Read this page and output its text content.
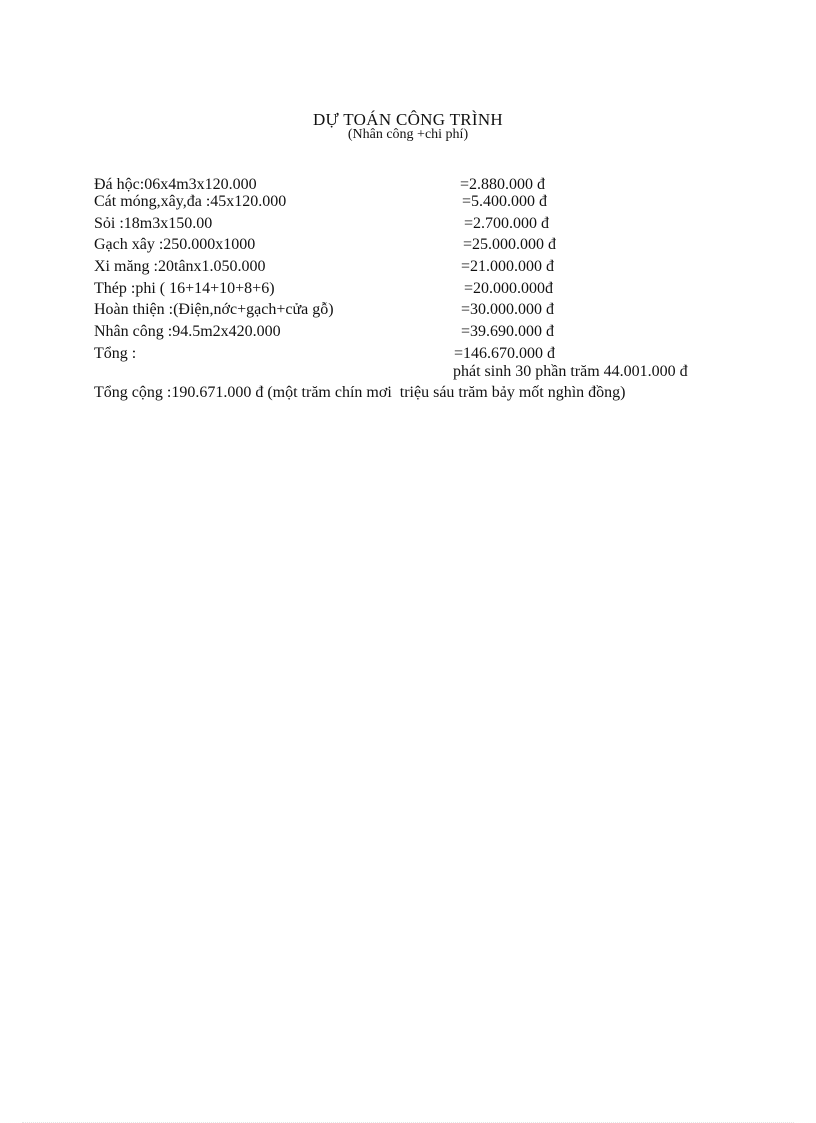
DỰ TOÁN CÔNG TRÌNH
(Nhân công +chi phí)
Đá hộc:06x4m3x120.000	=2.880.000 đ
Cát móng,xây,đa :45x120.000	=5.400.000 đ
Sỏi :18m3x150.00	=2.700.000 đ
Gạch xây :250.000x1000	=25.000.000 đ
Xi măng :20tânx1.050.000	=21.000.000 đ
Thép :phi ( 16+14+10+8+6)	=20.000.000đ
Hoàn thiện :(Điện,nớc+gạch+cửa gỗ)	=30.000.000 đ
Nhân công :94.5m2x420.000	=39.690.000 đ
Tổng :	=146.670.000 đ
phát sinh 30 phần trăm 44.001.000 đ
Tổng cộng :190.671.000 đ (một trăm chín mơi triệu sáu trăm bảy mốt nghìn đồng)
